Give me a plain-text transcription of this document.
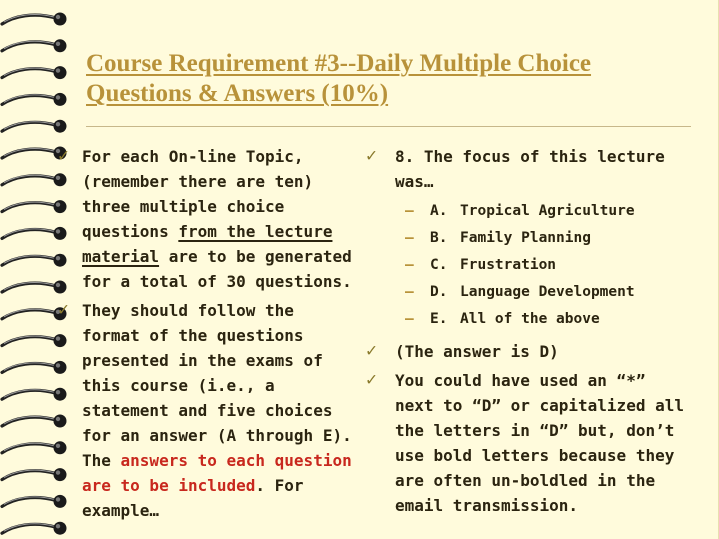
Course Requirement #3--Daily Multiple Choice
Questions & Answers (10%)
✓ For each On-line Topic, (remember there are ten) three multiple choice questions from the lecture material are to be generated for a total of 30 questions.
✓ They should follow the format of the questions presented in the exams of this course (i.e., a statement and five choices for an answer (A through E). The answers to each question are to be included. For example…
✓	8. The focus of this lecture was…
– A. Tropical Agriculture
– B. Family Planning
– C. Frustration
– D. Language Development
– E. All of the above
✓	(The answer is D)
✓	You could have used an “*” next to “D” or capitalized all the letters in “D” but, don’t use bold letters because they are often un-boldled in the email transmission.
